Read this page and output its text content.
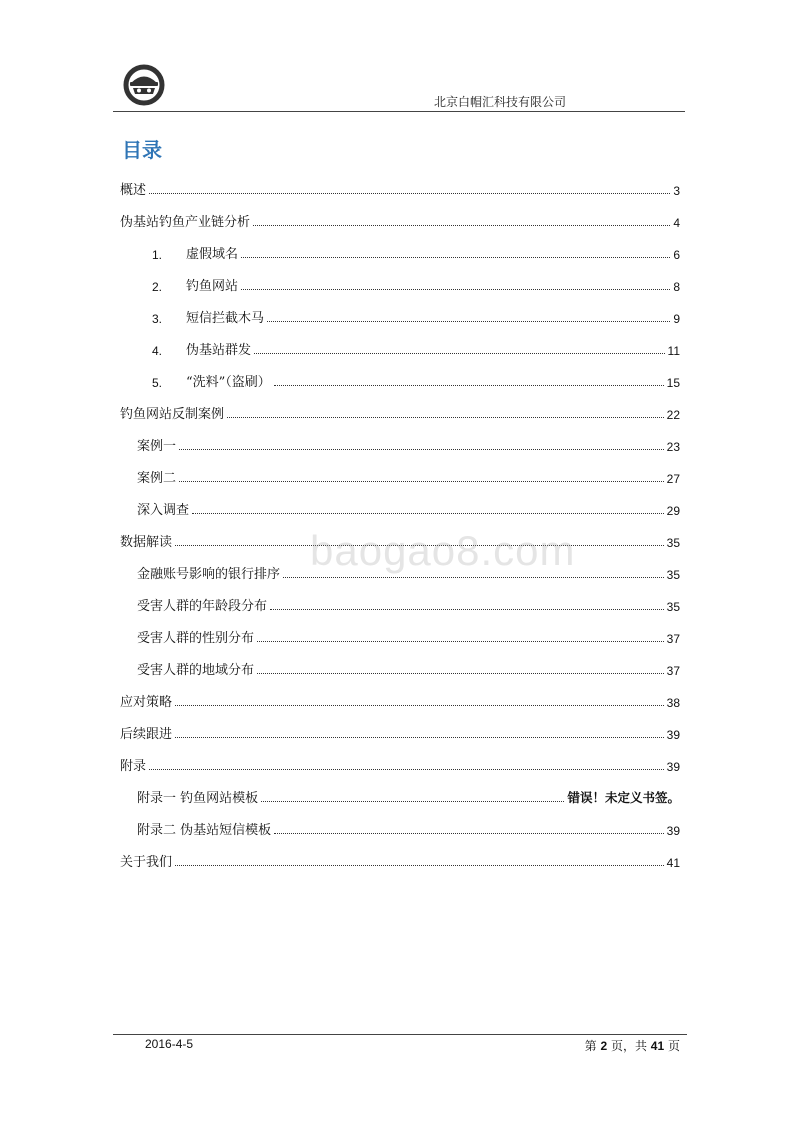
北京白帽汇科技有限公司
目录
概述	3
伪基站钓鱼产业链分析	4
1.	虚假域名	6
2.	钓鱼网站	8
3.	短信拦截木马	9
4.	伪基站群发	11
5.	“洗料”（盗刷）	15
钓鱼网站反制案例	22
案例一	23
案例二	27
深入调查	29
数据解读	35
金融账号影响的银行排序	35
受害人群的年龄段分布	35
受害人群的性别分布	37
受害人群的地域分布	37
应对策略	38
后续跟进	39
附录	39
附录一 钓鱼网站模板	错误！未定义书签。
附录二 伪基站短信模板	39
关于我们	41
baogao8.com
2016-4-5	第 2 页，共 41 页
